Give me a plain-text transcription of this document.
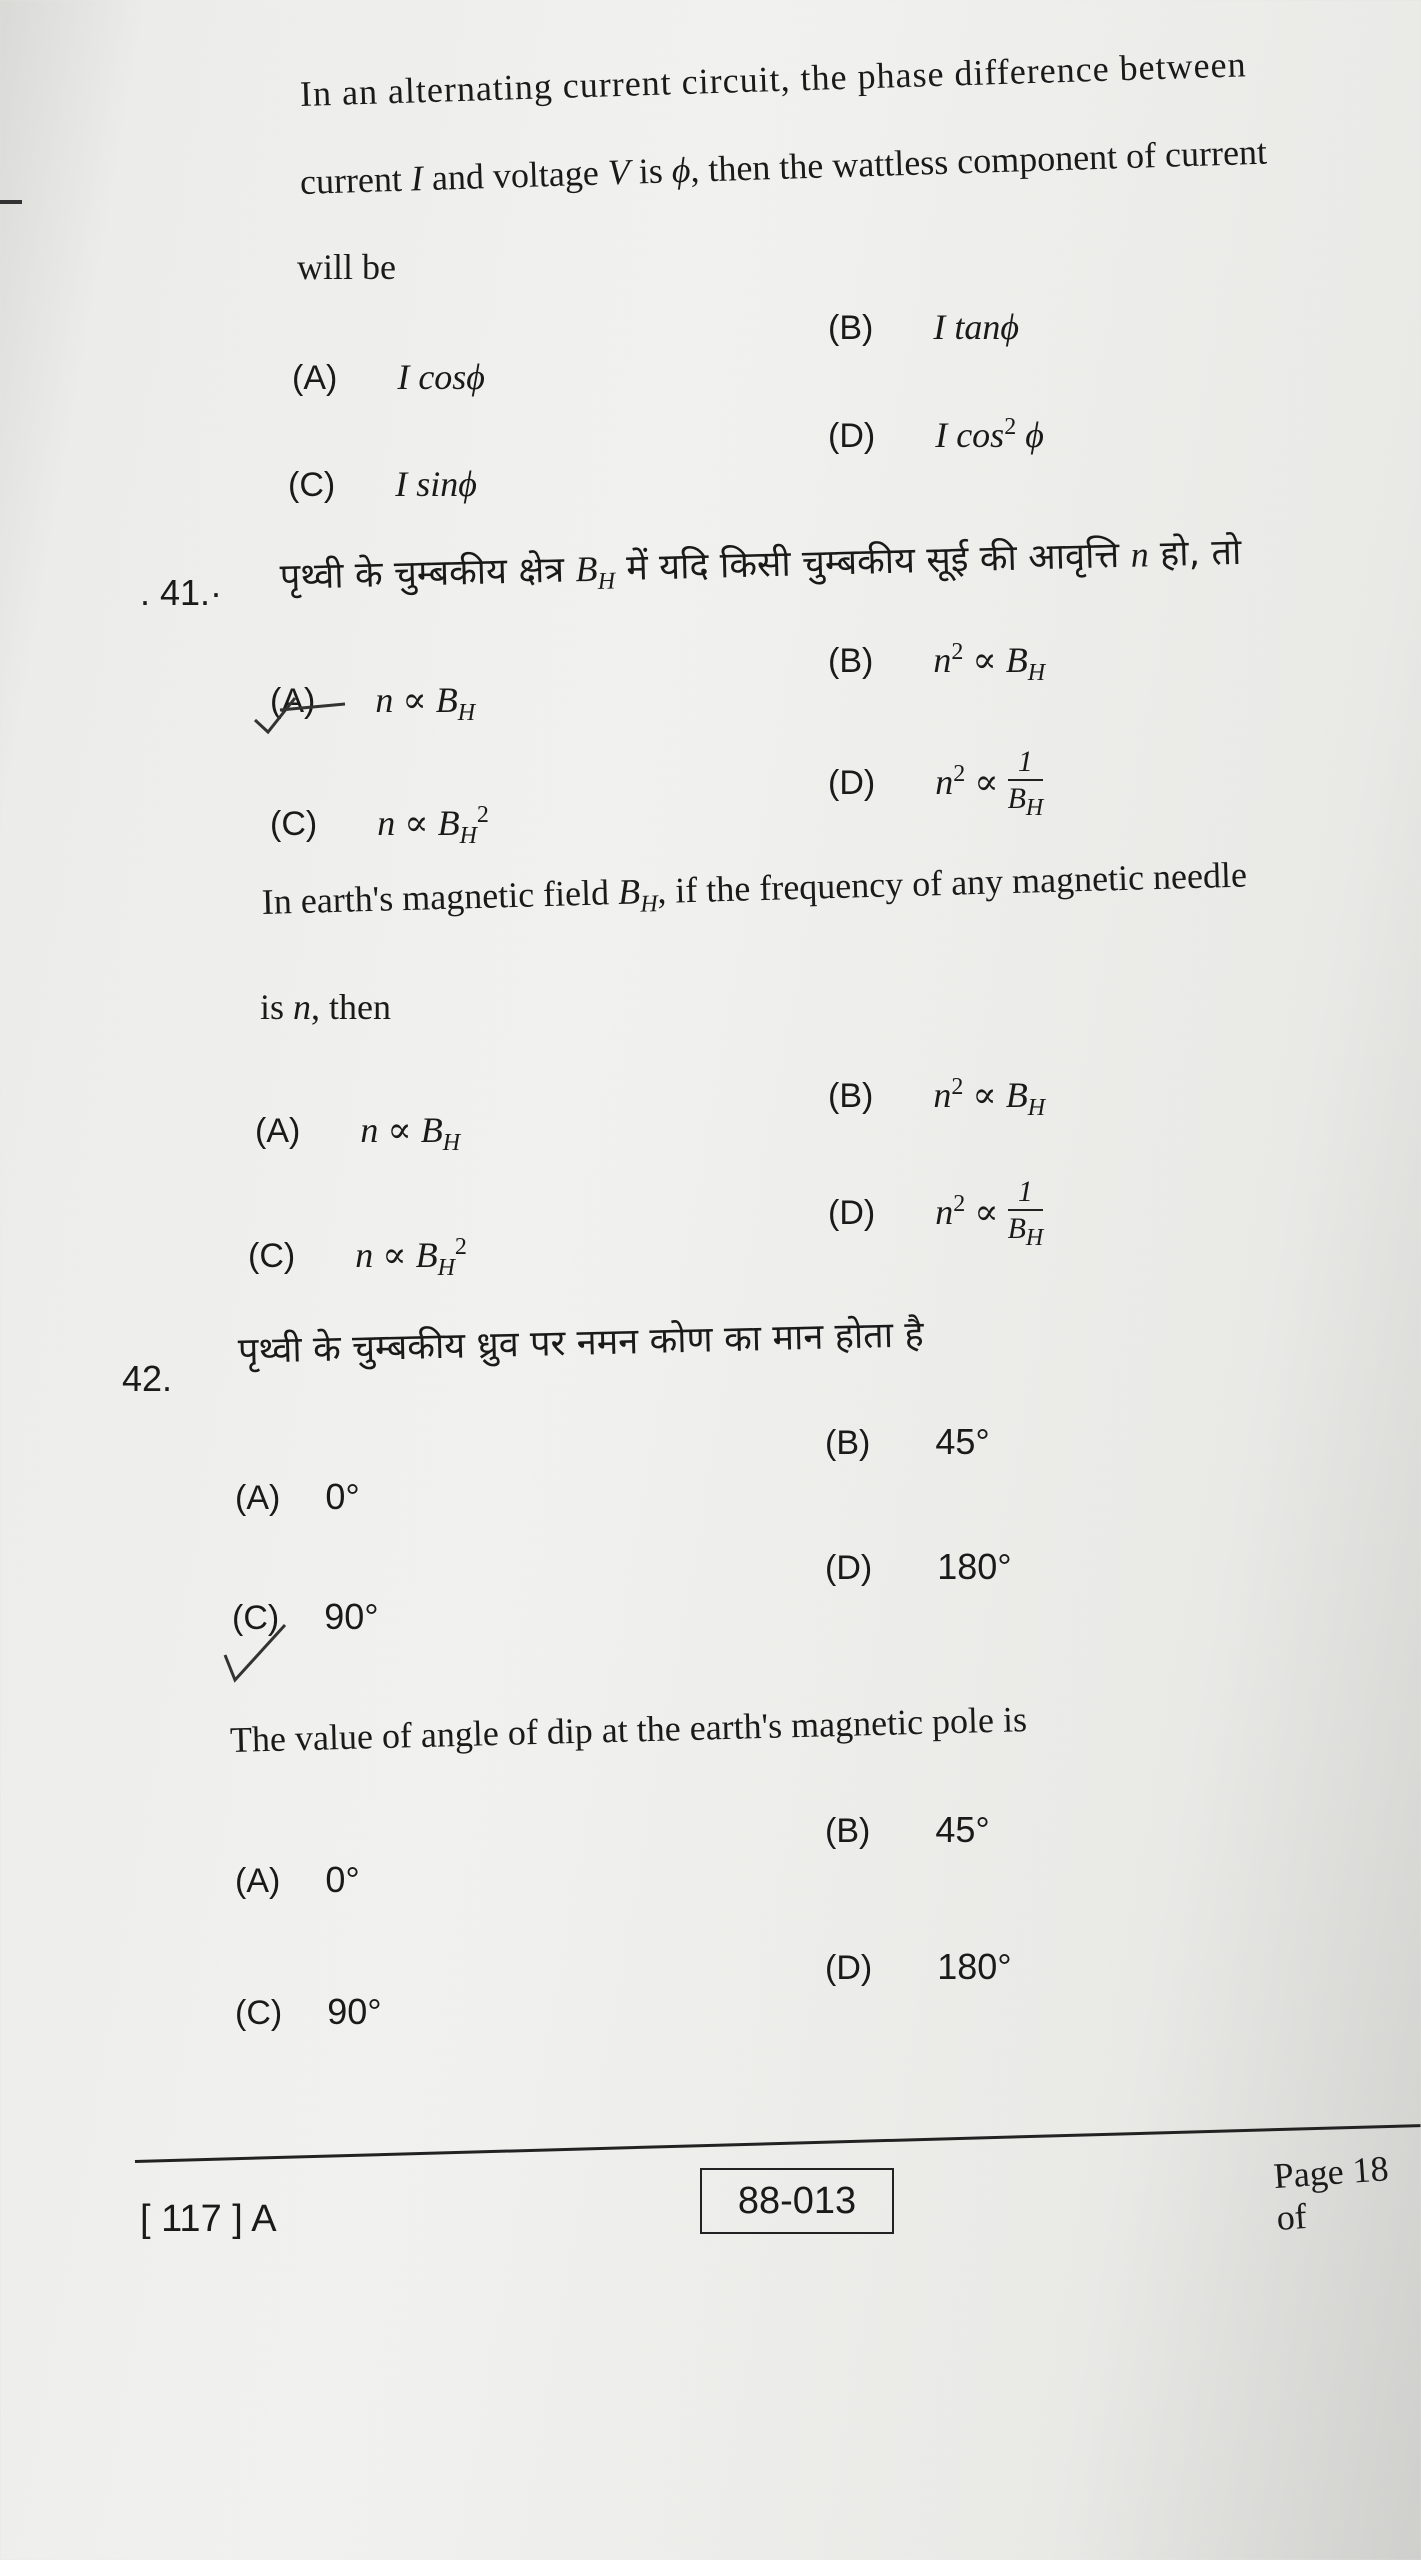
In an alternating current circuit, the phase difference between
current I and voltage V is ϕ, then the wattless component of current
will be
(A) I cosϕ
(B) I tanϕ
(C) I sinϕ
(D) I $\cos^2 \phi$
. 41.· पृथ्वी के चुम्बकीय क्षेत्र $B_H$ में यदि किसी चुम्बकीय सूई की आवृत्ति n हो, तो
(A) $n \propto B_H$
(B) $n^2 \propto B_H$
(C) $n \propto B_H^2$
(D) $n^2 \propto \frac{1}{B_H}$
In earth's magnetic field $B_H$, if the frequency of any magnetic needle
is n, then
(A) $n \propto B_H$
(B) $n^2 \propto B_H$
(C) $n \propto B_H^2$
(D) $n^2 \propto \frac{1}{B_H}$
42.
पृथ्वी के चुम्बकीय ध्रुव पर नमन कोण का मान होता है
(A) 0°
(B) 45°
(C) 90°
(D) 180°
The value of angle of dip at the earth's magnetic pole is
(A) 0°
(B) 45°
(C) 90°
(D) 180°
[ 117 ] A	88-013
Page 18 of
